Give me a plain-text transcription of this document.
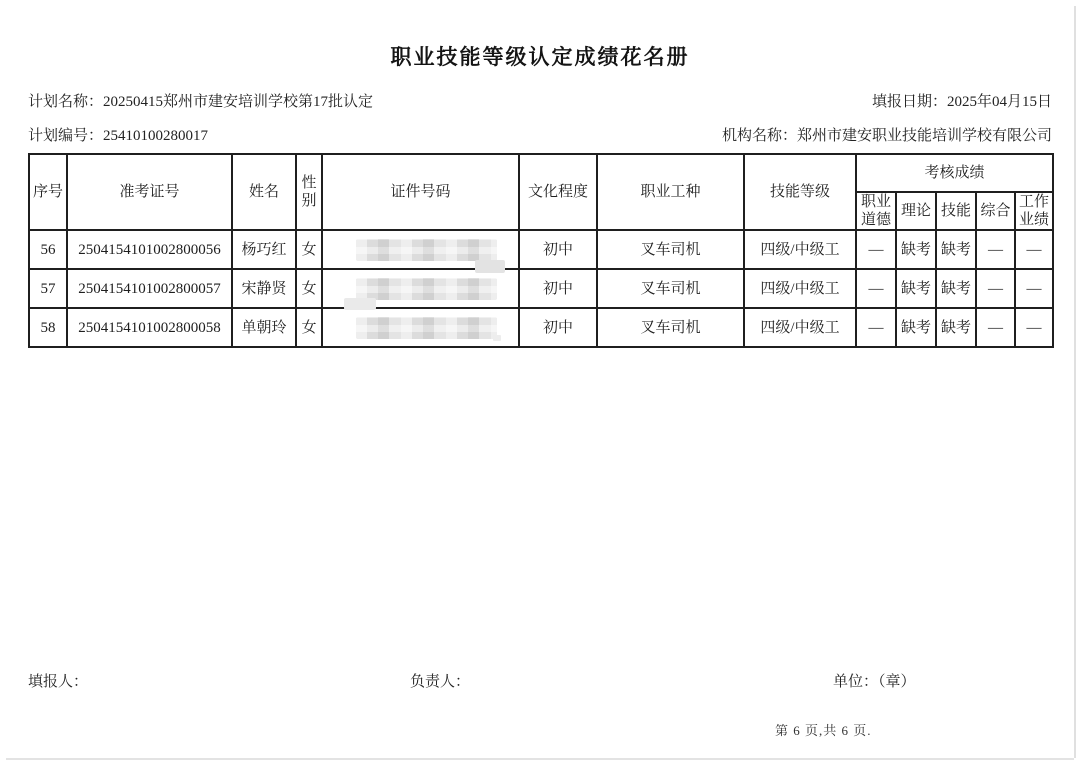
职业技能等级认定成绩花名册
计划名称：20250415郑州市建安培训学校第17批认定	填报日期：2025年04月15日
计划编号：25410100280017	机构名称：郑州市建安职业技能培训学校有限公司
序号	准考证号	姓名	性别	证件号码	文化程度	职业工种	技能等级	考核成绩				
								职业道德	理论	技能	综合	工作业绩
56	2504154101002800056	杨巧红	女		初中	叉车司机	四级/中级工	—	缺考	缺考	—	—
57	2504154101002800057	宋静贤	女		初中	叉车司机	四级/中级工	—	缺考	缺考	—	—
58	2504154101002800058	单朝玲	女		初中	叉车司机	四级/中级工	—	缺考	缺考	—	—
填报人：	负责人：	单位：（章）
第 6 页,共 6 页.
